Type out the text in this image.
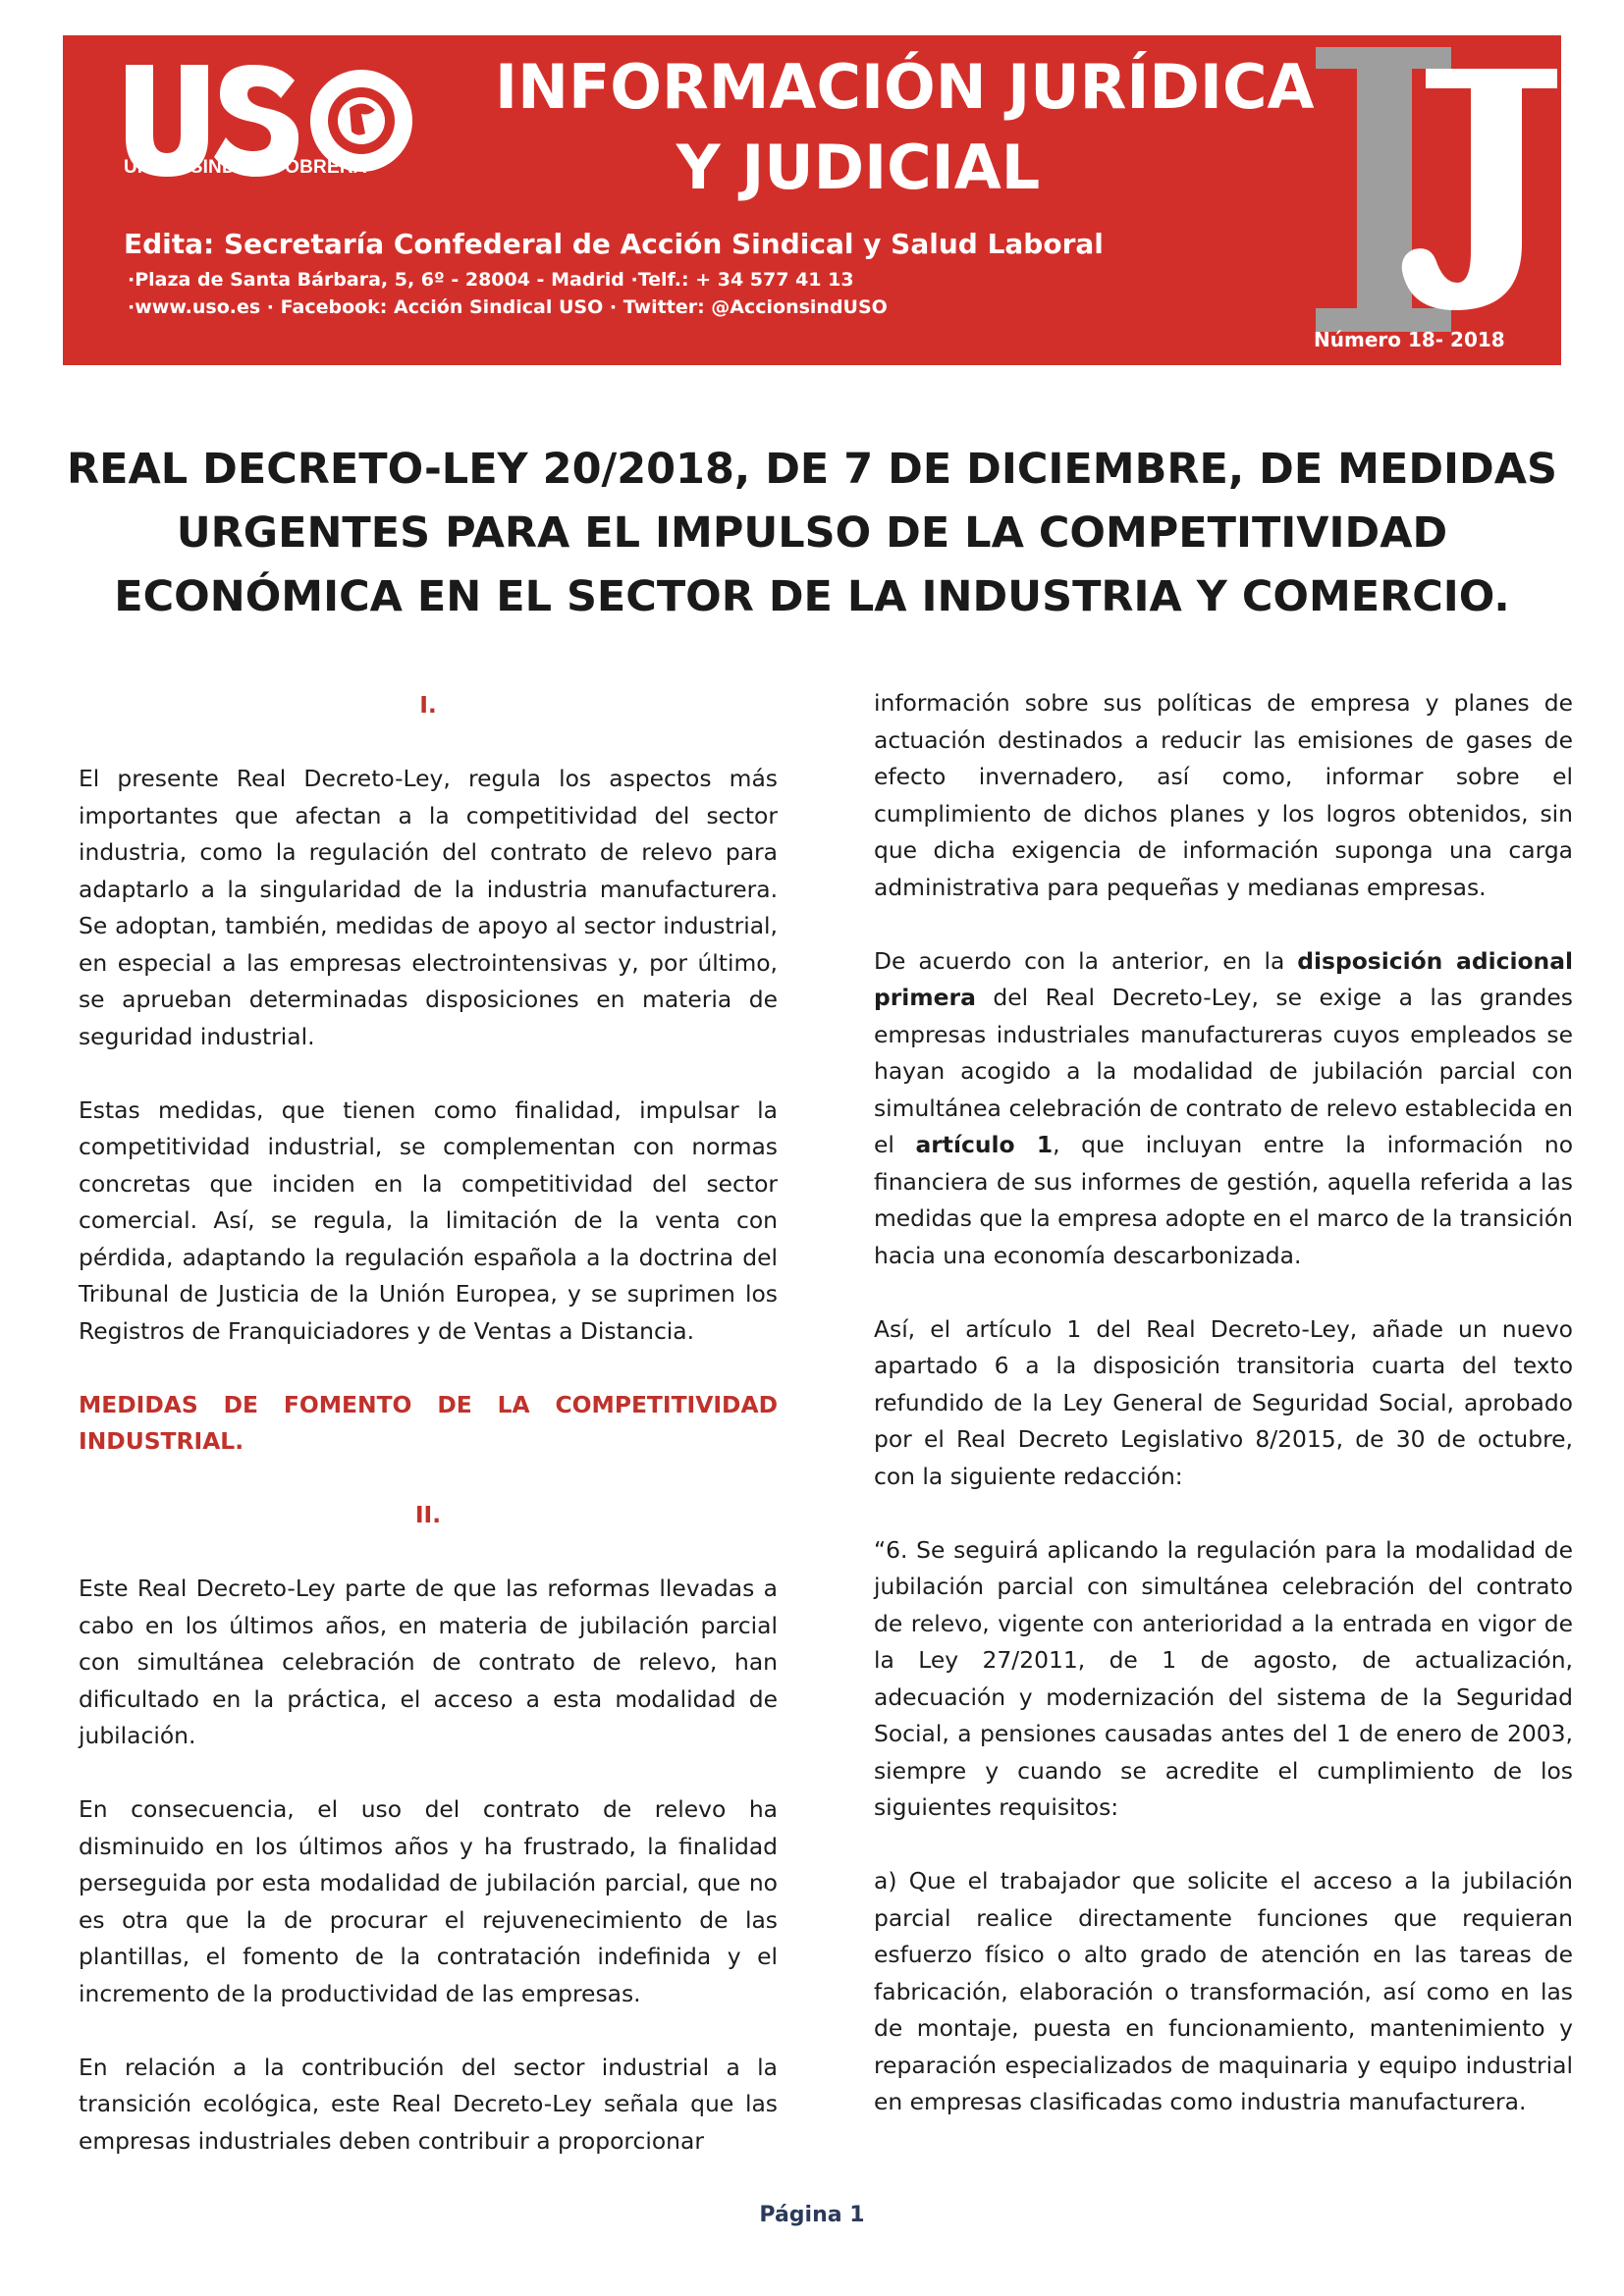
UNIÓN SINDICAL OBRERA
INFORMACIÓN JURÍDICA
Y JUDICIAL
Edita: Secretaría Confederal de Acción Sindical y Salud Laboral
·Plaza de Santa Bárbara, 5, 6º - 28004 - Madrid ·Telf.: + 34 577 41 13
·www.uso.es · Facebook: Acción Sindical USO · Twitter: @AccionsindUSO
Número 18- 2018
REAL DECRETO-LEY 20/2018, DE 7 DE DICIEMBRE, DE MEDIDAS
URGENTES PARA EL IMPULSO DE LA COMPETITIVIDAD
ECONÓMICA EN EL SECTOR DE LA INDUSTRIA Y COMERCIO.
I.

El presente Real Decreto-Ley, regula los aspectos más importantes que afectan a la competitividad del sector industria, como la regulación del contrato de relevo para adaptarlo a la singularidad de la industria manufacturera. Se adoptan, también, medidas de apoyo al sector industrial, en especial a las empresas electrointensivas y, por último, se aprueban determinadas disposiciones en materia de seguridad industrial.

Estas medidas, que tienen como finalidad, impulsar la competitividad industrial, se complementan con normas concretas que inciden en la competitividad del sector comercial. Así, se regula, la limitación de la venta con pérdida, adaptando la regulación española a la doctrina del Tribunal de Justicia de la Unión Europea, y se suprimen los Registros de Franquiciadores y de Ventas a Distancia.

MEDIDAS DE FOMENTO DE LA COMPETITIVIDAD INDUSTRIAL.
II.

Este Real Decreto-Ley parte de que las reformas llevadas a cabo en los últimos años, en materia de jubilación parcial con simultánea celebración de contrato de relevo, han dificultado en la práctica, el acceso a esta modalidad de jubilación.

En consecuencia, el uso del contrato de relevo ha disminuido en los últimos años y ha frustrado, la finalidad perseguida por esta modalidad de jubilación parcial, que no es otra que la de procurar el rejuvenecimiento de las plantillas, el fomento de la contratación indefinida y el incremento de la productividad de las empresas.

En relación a la contribución del sector industrial a la transición ecológica, este Real Decreto-Ley señala que las empresas industriales deben contribuir a proporcionar

información sobre sus políticas de empresa y planes de actuación destinados a reducir las emisiones de gases de efecto invernadero, así como, informar sobre el cumplimiento de dichos planes y los logros obtenidos, sin que dicha exigencia de información suponga una carga administrativa para pequeñas y medianas empresas.

De acuerdo con la anterior, en la disposición adicional primera del Real Decreto-Ley, se exige a las grandes empresas industriales manufactureras cuyos empleados se hayan acogido a la modalidad de jubilación parcial con simultánea celebración de contrato de relevo establecida en el artículo 1, que incluyan entre la información no financiera de sus informes de gestión, aquella referida a las medidas que la empresa adopte en el marco de la transición hacia una economía descarbonizada.

Así, el artículo 1 del Real Decreto-Ley, añade un nuevo apartado 6 a la disposición transitoria cuarta del texto refundido de la Ley General de Seguridad Social, aprobado por el Real Decreto Legislativo 8/2015, de 30 de octubre, con la siguiente redacción:

“6. Se seguirá aplicando la regulación para la modalidad de jubilación parcial con simultánea celebración del contrato de relevo, vigente con anterioridad a la entrada en vigor de la Ley 27/2011, de 1 de agosto, de actualización, adecuación y modernización del sistema de la Seguridad Social, a pensiones causadas antes del 1 de enero de 2003, siempre y cuando se acredite el cumplimiento de los siguientes requisitos:

a) Que el trabajador que solicite el acceso a la jubilación parcial realice directamente funciones que requieran esfuerzo físico o alto grado de atención en las tareas de fabricación, elaboración o transformación, así como en las de montaje, puesta en funcionamiento, mantenimiento y reparación especializados de maquinaria y equipo industrial en empresas clasificadas como industria manufacturera.

Página 1
